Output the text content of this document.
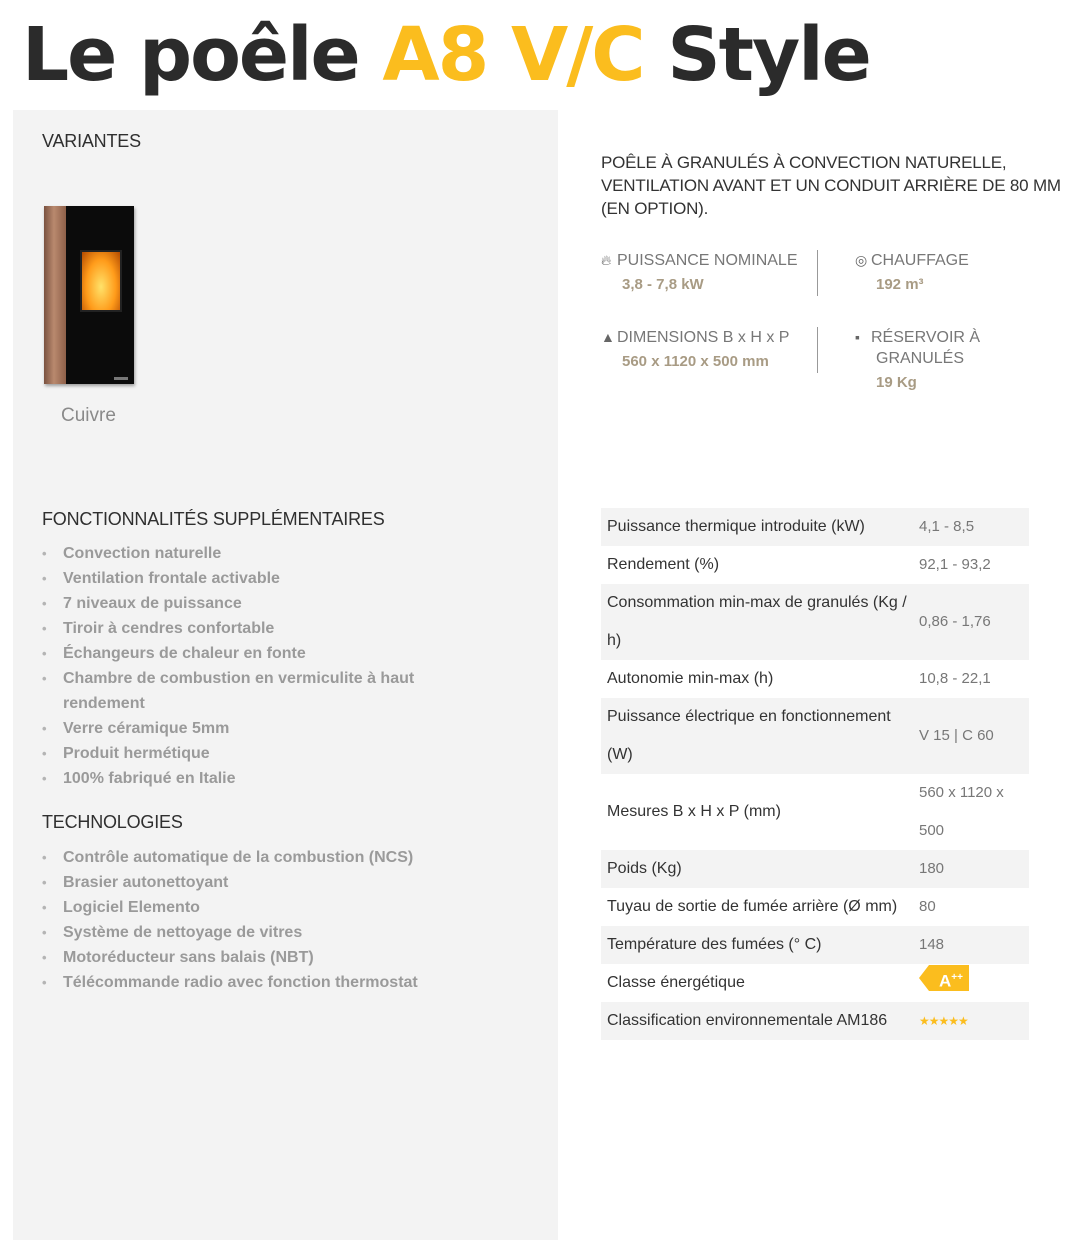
Le poêle A8 V/C Style
VARIANTES
Cuivre
FONCTIONNALITÉS SUPPLÉMENTAIRES
• Convection naturelle
• Ventilation frontale activable
• 7 niveaux de puissance
• Tiroir à cendres confortable
• Échangeurs de chaleur en fonte
• Chambre de combustion en vermiculite à haut rendement
• Verre céramique 5mm
• Produit hermétique
• 100% fabriqué en Italie
TECHNOLOGIES
• Contrôle automatique de la combustion (NCS)
• Brasier autonettoyant
• Logiciel Elemento
• Système de nettoyage de vitres
• Motoréducteur sans balais (NBT)
• Télécommande radio avec fonction thermostat
POÊLE À GRANULÉS À CONVECTION NATURELLE, VENTILATION AVANT ET UN CONDUIT ARRIÈRE DE 80 MM (EN OPTION).
🔥︎ PUISSANCE NOMINALE
3,8 - 7,8 kW
◎ CHAUFFAGE
192 m³
▲ DIMENSIONS B x H x P
560 x 1120 x 500 mm
▪ RÉSERVOIR À
GRANULÉS
19 Kg
Puissance thermique introduite (kW)	4,1 - 8,5
Rendement (%)	92,1 - 93,2
Consommation min-max de granulés (Kg / h)	0,86 - 1,76
Autonomie min-max (h)	10,8 - 22,1
Puissance électrique en fonctionnement (W)	V 15 | C 60
Mesures B x H x P (mm)	560 x 1120 x 500
Poids (Kg)	180
Tuyau de sortie de fumée arrière (Ø mm)	80
Température des fumées (° C)	148
Classe énergétique	A++
Classification environnementale AM186	★★★★★
